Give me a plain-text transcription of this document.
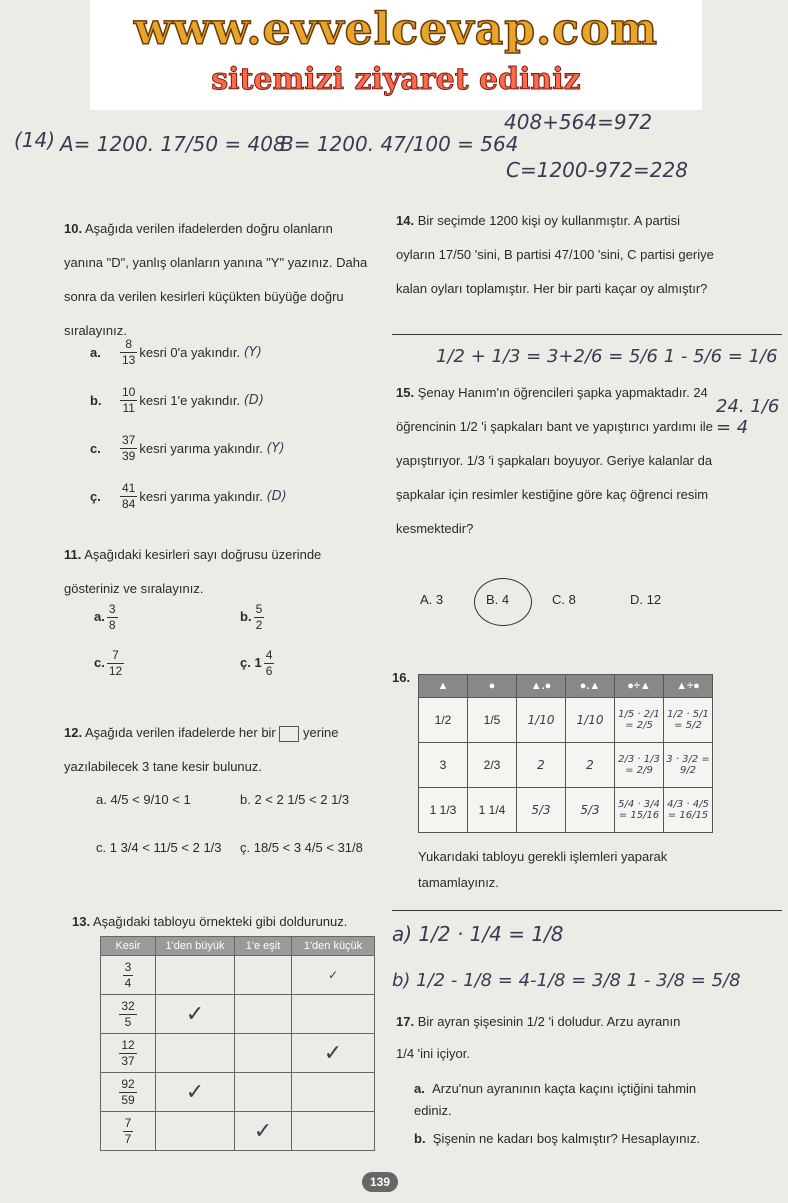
www.evvelcevap.com
sitemizi ziyaret ediniz
(14) A= 1200. 17/50 = 408
B= 1200. 47/100 = 564
408+564=972
C=1200-972=228
10. Aşağıda verilen ifadelerden doğru olanların yanına "D", yanlış olanların yanına "Y" yazınız. Daha sonra da verilen kesirleri küçükten büyüğe doğru sıralayınız.
a.	$\frac{8}{13}$ kesri 0'a yakındır.
(Y)
b.	$\frac{10}{11}$ kesri 1'e yakındır.
(D)
c.	$\frac{37}{39}$ kesri yarıma yakındır.
(Y)
ç.	$\frac{41}{84}$ kesri yarıma yakındır.
(D)
11. Aşağıdaki kesirleri sayı doğrusu üzerinde gösteriniz ve sıralayınız.
a. $\frac{3}{8}$	b. $\frac{5}{2}$
c. $\frac{7}{12}$	ç. $1 \frac{4}{6}$
12. Aşağıda verilen ifadelerde her bir yerine yazılabilecek 3 tane kesir bulunuz.
a. 4/5 < 9/10 < 1	b. 2 < 2 1/5 < 2 1/3
c. 1 3/4 < 11/5 < 2 1/3	ç. 18/5 < 3 4/5 < 31/8
13. Aşağıdaki tabloyu örnekteki gibi doldurunuz.
Kesir	1'den büyük	1'e eşit	1'den küçük

$\frac{3}{4}$			✓

$\frac{32}{5}$	✓		

$\frac{12}{37}$			✓

$\frac{92}{59}$	✓		

$\frac{7}{7}$		✓	
14. Bir seçimde 1200 kişi oy kullanmıştır. A partisi oyların 17/50 'sini, B partisi 47/100 'sini, C partisi geriye kalan oyları toplamıştır. Her bir parti kaçar oy almıştır?
1/2 + 1/3 = 3+2/6 = 5/6 1 - 5/6 = 1/6
15. Şenay Hanım'ın öğrencileri şapka yapmaktadır. 24 öğrencinin 1/2 'i şapkaları bant ve yapıştırıcı yardımı ile yapıştırıyor. 1/3 'i şapkaları boyuyor. Geriye kalanlar da şapkalar için resimler kestiğine göre kaç öğrenci resim kesmektedir?
24. 1/6 = 4
A. 3	B. 4	C. 8	D. 12
16.
▲	●	▲.●	●.▲	●÷▲	▲÷●
1/2	1/5	1/10	1/10	1/5 · 2/1 = 2/5	1/2 · 5/1 = 5/2
3	2/3	2	2	2/3 · 1/3 = 2/9	3 · 3/2 = 9/2
1 1/3	1 1/4	5/3	5/3	5/4 · 3/4 = 15/16	4/3 · 4/5 = 16/15
Yukarıdaki tabloyu gerekli işlemleri yaparak tamamlayınız.
a) 1/2 · 1/4 = 1/8
b) 1/2 - 1/8 = 4-1/8 = 3/8 1 - 3/8 = 5/8
17. Bir ayran şişesinin 1/2 'i doludur. Arzu ayranın
1/4 'ini içiyor.
a. Arzu'nun ayranının kaçta kaçını içtiğini tahmin ediniz.
b. Şişenin ne kadarı boş kalmıştır? Hesaplayınız.
139
